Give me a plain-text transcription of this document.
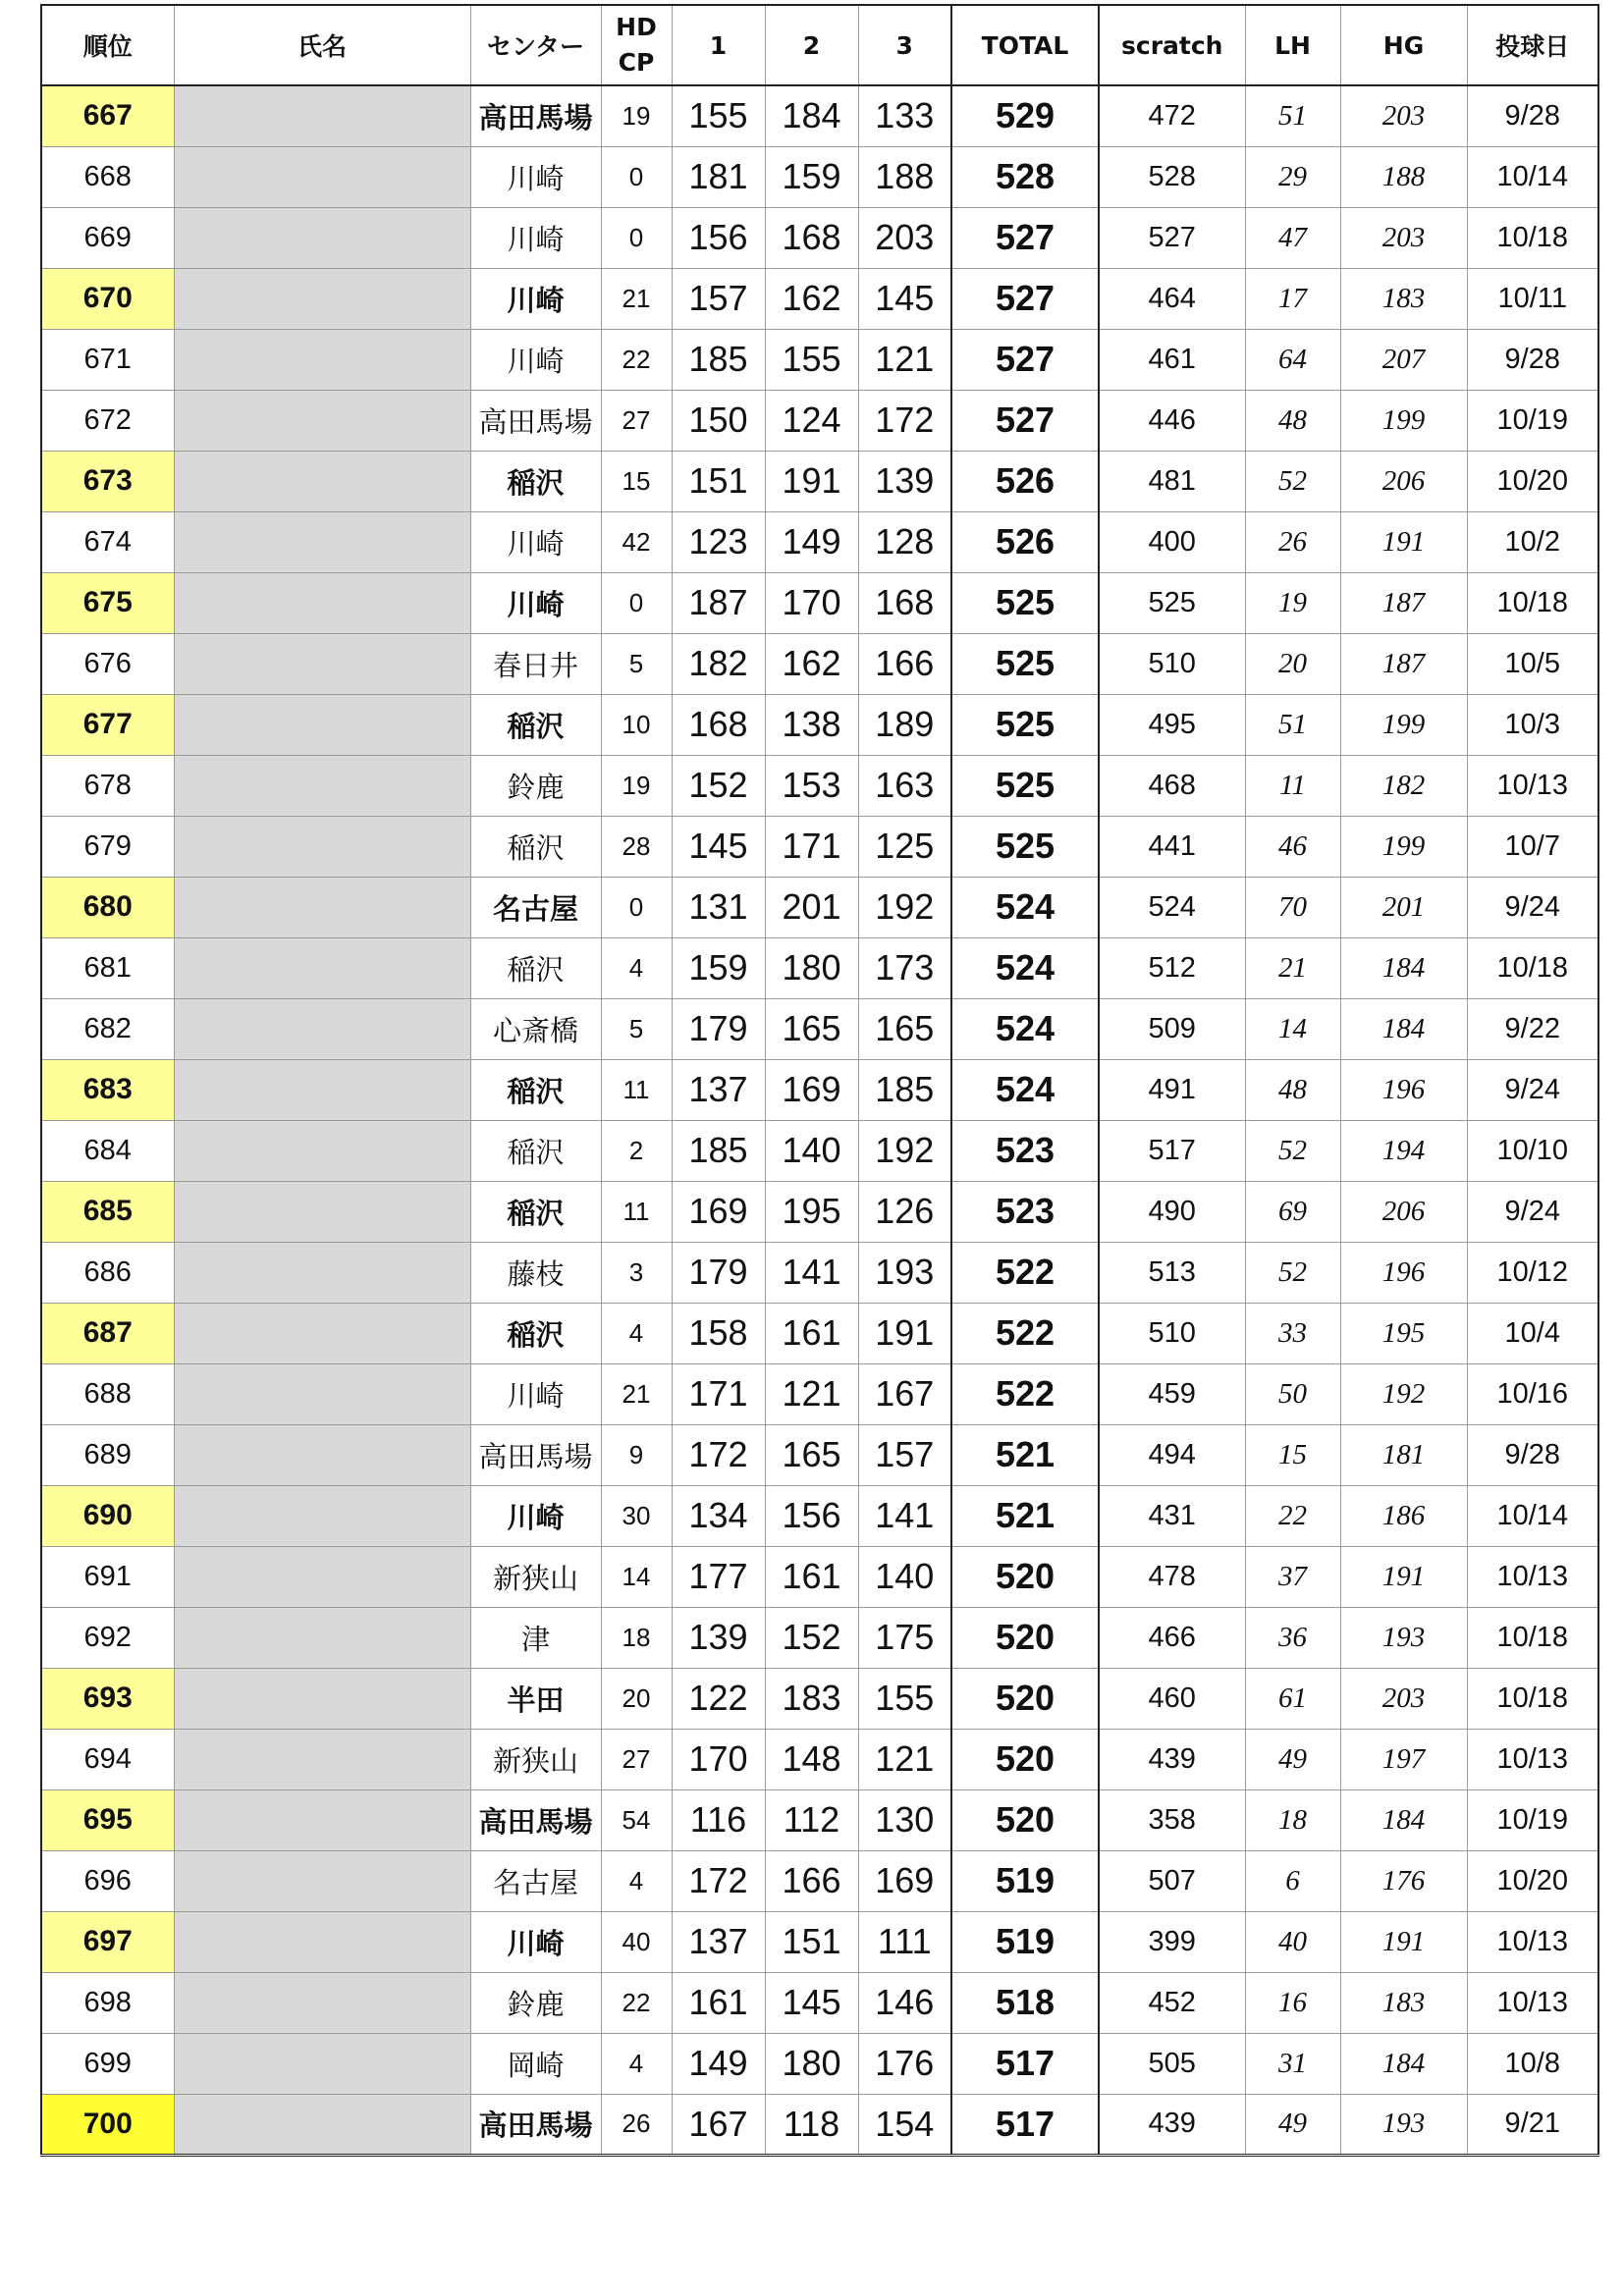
順位	氏名	センター	HD
CP	1	2	3	TOTAL	scratch	LH	HG	投球日
667		高田馬場	19	155	184	133	529	472	51	203	9/28
668		川崎	0	181	159	188	528	528	29	188	10/14
669		川崎	0	156	168	203	527	527	47	203	10/18
670		川崎	21	157	162	145	527	464	17	183	10/11
671		川崎	22	185	155	121	527	461	64	207	9/28
672		高田馬場	27	150	124	172	527	446	48	199	10/19
673		稲沢	15	151	191	139	526	481	52	206	10/20
674		川崎	42	123	149	128	526	400	26	191	10/2
675		川崎	0	187	170	168	525	525	19	187	10/18
676		春日井	5	182	162	166	525	510	20	187	10/5
677		稲沢	10	168	138	189	525	495	51	199	10/3
678		鈴鹿	19	152	153	163	525	468	11	182	10/13
679		稲沢	28	145	171	125	525	441	46	199	10/7
680		名古屋	0	131	201	192	524	524	70	201	9/24
681		稲沢	4	159	180	173	524	512	21	184	10/18
682		心斎橋	5	179	165	165	524	509	14	184	9/22
683		稲沢	11	137	169	185	524	491	48	196	9/24
684		稲沢	2	185	140	192	523	517	52	194	10/10
685		稲沢	11	169	195	126	523	490	69	206	9/24
686		藤枝	3	179	141	193	522	513	52	196	10/12
687		稲沢	4	158	161	191	522	510	33	195	10/4
688		川崎	21	171	121	167	522	459	50	192	10/16
689		高田馬場	9	172	165	157	521	494	15	181	9/28
690		川崎	30	134	156	141	521	431	22	186	10/14
691		新狭山	14	177	161	140	520	478	37	191	10/13
692		津	18	139	152	175	520	466	36	193	10/18
693		半田	20	122	183	155	520	460	61	203	10/18
694		新狭山	27	170	148	121	520	439	49	197	10/13
695		高田馬場	54	116	112	130	520	358	18	184	10/19
696		名古屋	4	172	166	169	519	507	6	176	10/20
697		川崎	40	137	151	111	519	399	40	191	10/13
698		鈴鹿	22	161	145	146	518	452	16	183	10/13
699		岡崎	4	149	180	176	517	505	31	184	10/8
700		高田馬場	26	167	118	154	517	439	49	193	9/21
